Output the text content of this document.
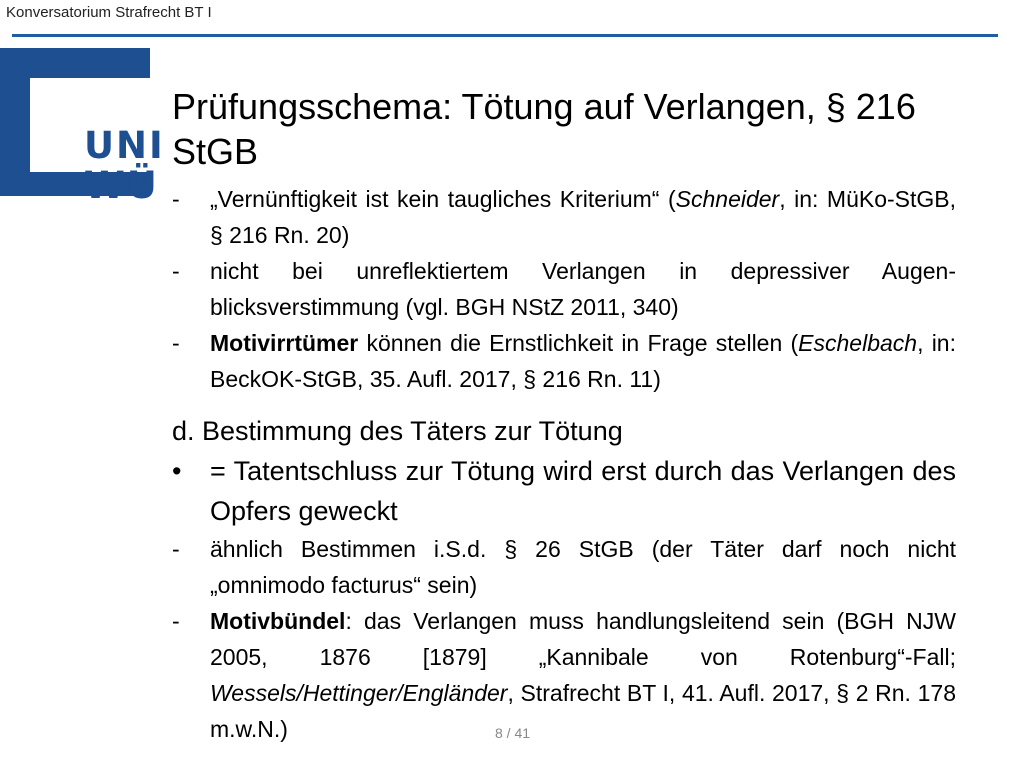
Konversatorium Strafrecht BT I
UNI
WÜ
Prüfungsschema: Tötung auf Verlangen, § 216 StGB
-	„Vernünftigkeit ist kein taugliches Kriterium“ (Schneider, in: MüKo-StGB, § 216 Rn. 20)
-	nicht bei unreflektiertem Verlangen in depressiver Augenblicksverstimmung (vgl. BGH NStZ 2011, 340)
-	Motivirrtümer können die Ernstlichkeit in Frage stellen (Eschelbach, in: BeckOK-StGB, 35. Aufl. 2017, § 216 Rn. 11)
d. Bestimmung des Täters zur Tötung
•	= Tatentschluss zur Tötung wird erst durch das Verlangen des Opfers geweckt
-	ähnlich Bestimmen i.S.d. § 26 StGB (der Täter darf noch nicht „omnimodo facturus“ sein)
-	Motivbündel: das Verlangen muss handlungsleitend sein (BGH NJW 2005, 1876 [1879] „Kannibale von Rotenburg“-Fall; Wessels/Hettinger/Engländer, Strafrecht BT I, 41. Aufl. 2017, § 2 Rn. 178 m.w.N.)	8 / 41
